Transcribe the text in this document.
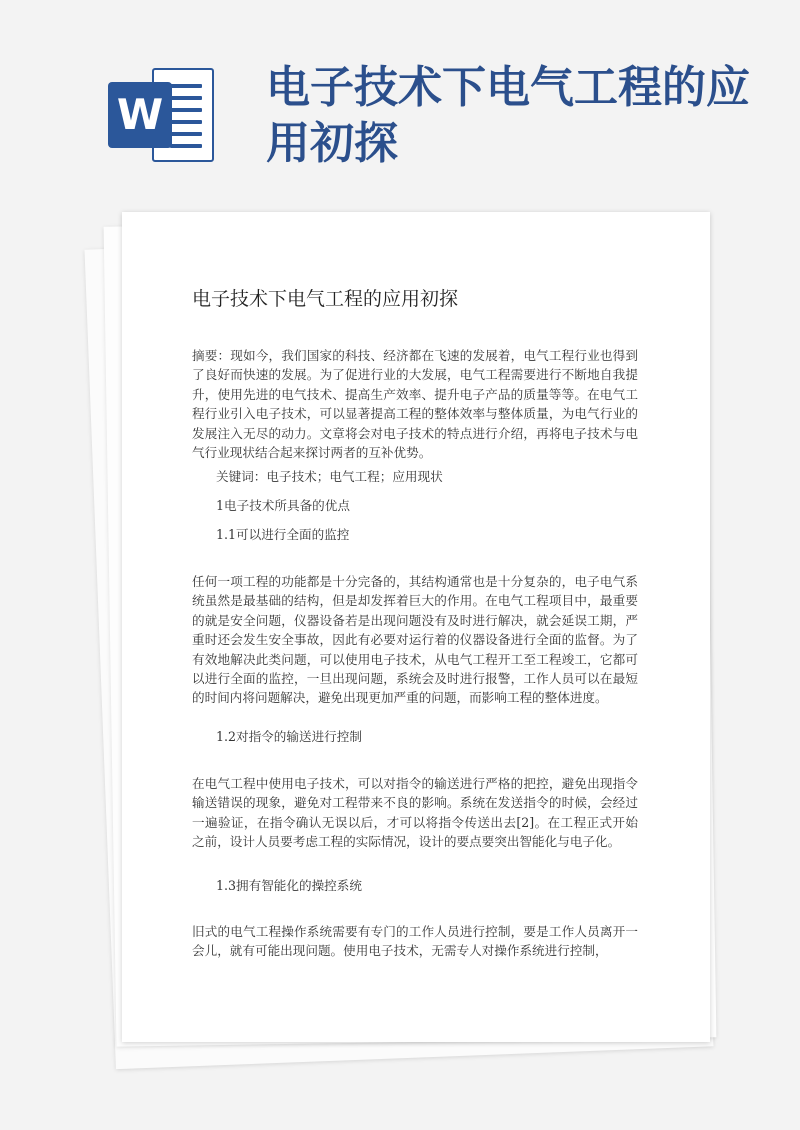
W
电子技术下电气工程的应用初探
电子技术下电气工程的应用初探

摘要：现如今，我们国家的科技、经济都在飞速的发展着，电气工程行业也得到了良好而快速的发展。为了促进行业的大发展，电气工程需要进行不断地自我提升，使用先进的电气技术、提高生产效率、提升电子产品的质量等等。在电气工程行业引入电子技术，可以显著提高工程的整体效率与整体质量，为电气行业的发展注入无尽的动力。文章将会对电子技术的特点进行介绍，再将电子技术与电气行业现状结合起来探讨两者的互补优势。

关键词：电子技术；电气工程；应用现状

1电子技术所具备的优点

1.1可以进行全面的监控

任何一项工程的功能都是十分完备的，其结构通常也是十分复杂的，电子电气系统虽然是最基础的结构，但是却发挥着巨大的作用。在电气工程项目中，最重要的就是安全问题，仪器设备若是出现问题没有及时进行解决，就会延误工期，严重时还会发生安全事故，因此有必要对运行着的仪器设备进行全面的监督。为了有效地解决此类问题，可以使用电子技术，从电气工程开工至工程竣工，它都可以进行全面的监控，一旦出现问题，系统会及时进行报警，工作人员可以在最短的时间内将问题解决，避免出现更加严重的问题，而影响工程的整体进度。

1.2对指令的输送进行控制

在电气工程中使用电子技术，可以对指令的输送进行严格的把控，避免出现指令输送错误的现象，避免对工程带来不良的影响。系统在发送指令的时候，会经过一遍验证，在指令确认无误以后，才可以将指令传送出去[2]。在工程正式开始之前，设计人员要考虑工程的实际情况，设计的要点要突出智能化与电子化。

1.3拥有智能化的操控系统

旧式的电气工程操作系统需要有专门的工作人员进行控制，要是工作人员离开一会儿，就有可能出现问题。使用电子技术，无需专人对操作系统进行控制，
